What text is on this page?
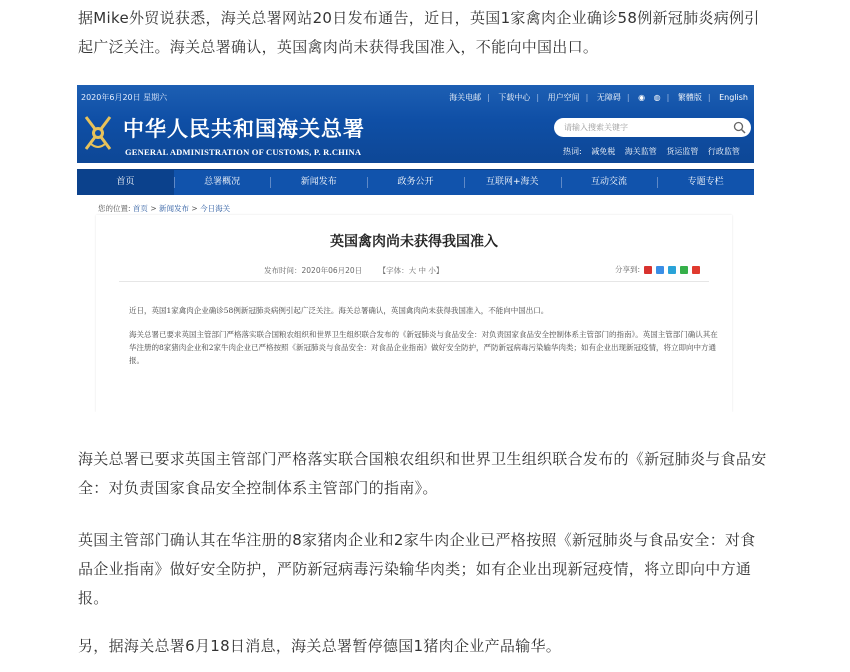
据Mike外贸说获悉，海关总署网站20日发布通告，近日，英国1家禽肉企业确诊58例新冠肺炎病例引起广泛关注。海关总署确认，英国禽肉尚未获得我国准入，不能向中国出口。

2020年6月20日 星期六	海关电邮 | 下载中心 | 用户空间 | 无障碍 | ◉ ◍ | 繁體版 | English
中华人民共和国海关总署
GENERAL ADMINISTRATION OF CUSTOMS, P. R.CHINA
请输入搜索关键字
热词: 减免税 海关监管 货运监管 行政监管
首页	总署概况	新闻发布	政务公开	互联网+海关	互动交流	专题专栏
您的位置: 首页 > 新闻发布 > 今日海关
英国禽肉尚未获得我国准入
发布时间：2020年06月20日 【字体：大 中 小】	分享到:

近日，英国1家禽肉企业确诊58例新冠肺炎病例引起广泛关注。海关总署确认，英国禽肉尚未获得我国准入，不能向中国出口。

海关总署已要求英国主管部门严格落实联合国粮农组织和世界卫生组织联合发布的《新冠肺炎与食品安全：对负责国家食品安全控制体系主管部门的指南》。英国主管部门确认其在华注册的8家猪肉企业和2家牛肉企业已严格按照《新冠肺炎与食品安全：对食品企业指南》做好安全防护，严防新冠病毒污染输华肉类；如有企业出现新冠疫情，将立即向中方通报。

海关总署已要求英国主管部门严格落实联合国粮农组织和世界卫生组织联合发布的《新冠肺炎与食品安全：对负责国家食品安全控制体系主管部门的指南》。

英国主管部门确认其在华注册的8家猪肉企业和2家牛肉企业已严格按照《新冠肺炎与食品安全：对食品企业指南》做好安全防护，严防新冠病毒污染输华肉类；如有企业出现新冠疫情，将立即向中方通报。

另，据海关总署6月18日消息，海关总署暂停德国1猪肉企业产品输华。
